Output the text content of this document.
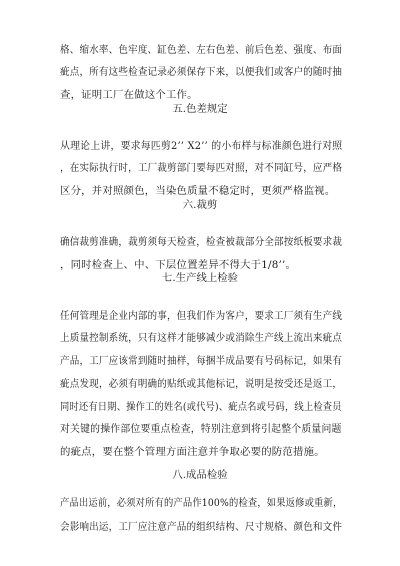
格、缩水率、色牢度、缸色差、左右色差、前后色差、强度、布面
疵点，所有这些检查记录必须保存下来，以便我们或客户的随时抽
查，证明工厂在做这个工作。
五.色差规定
从理论上讲，要求每匹剪2’’ X2’’ 的小布样与标准颜色进行对照
，在实际执行时，工厂裁剪部门要每匹对照，对不同缸号，应严格
区分，并对照颜色，当染色质量不稳定时，更须严格监视。
六.裁剪
确信裁剪准确，裁剪须每天检查，检查被裁部分全部按纸板要求裁
，同时检查上、中、下层位置差异不得大于1/8’’。
七.生产线上检验
任何管理是企业内部的事，但我们作为客户，要求工厂须有生产线
上质量控制系统，只有这样才能够减少或消除生产线上流出来疵点
产品，工厂应该常到随时抽样，每捆半成品要有号码标记，如果有
疵点发现，必须有明确的贴纸或其他标记，说明是按受还是返工，
同时还有日期、操作工的姓名(或代号)、疵点名或号码，线上检查员
对关键的操作部位要重点检查，特别注意到将引起整个质量问题
的疵点，要在整个管理方面注意并争取必要的防范措施。
八.成品检验
产品出运前，必须对所有的产品作100%的检查，如果返修或重新，
会影响出运，工厂应注意产品的组织结构、尺寸规格、颜色和文件
